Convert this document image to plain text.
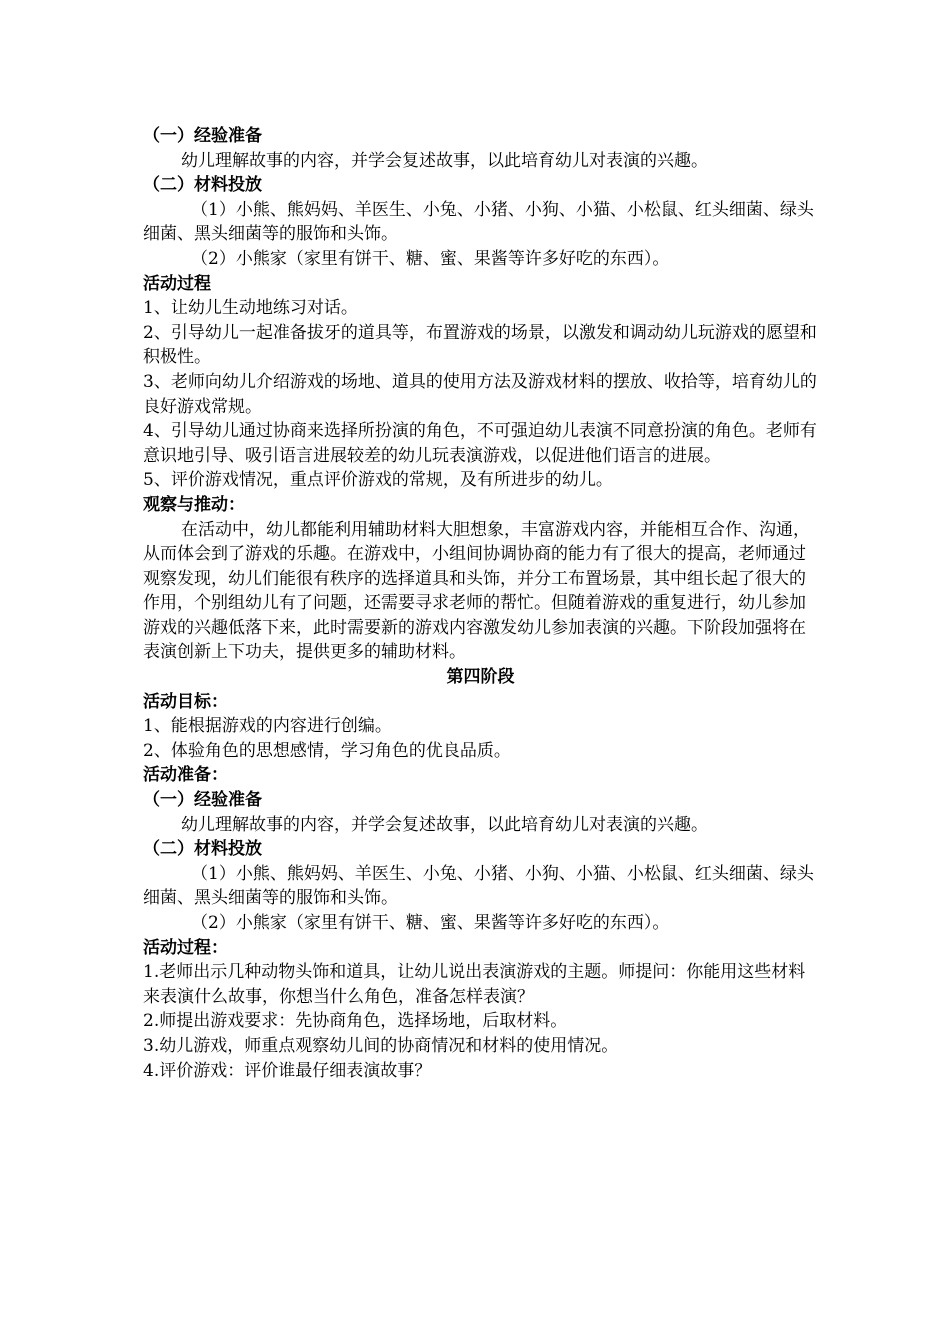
（一）经验准备

幼儿理解故事的内容，并学会复述故事，以此培育幼儿对表演的兴趣。

（二）材料投放

（1）小熊、熊妈妈、羊医生、小兔、小猪、小狗、小猫、小松鼠、红头细菌、绿头细菌、黑头细菌等的服饰和头饰。

（2）小熊家（家里有饼干、糖、蜜、果酱等许多好吃的东西）。

活动过程

1、让幼儿生动地练习对话。

2、引导幼儿一起准备拔牙的道具等，布置游戏的场景，以激发和调动幼儿玩游戏的愿望和积极性。

3、老师向幼儿介绍游戏的场地、道具的使用方法及游戏材料的摆放、收拾等，培育幼儿的良好游戏常规。

4、引导幼儿通过协商来选择所扮演的角色，不可强迫幼儿表演不同意扮演的角色。老师有意识地引导、吸引语言进展较差的幼儿玩表演游戏，以促进他们语言的进展。

5、评价游戏情况，重点评价游戏的常规，及有所进步的幼儿。

观察与推动：

在活动中，幼儿都能利用辅助材料大胆想象，丰富游戏内容，并能相互合作、沟通，从而体会到了游戏的乐趣。在游戏中，小组间协调协商的能力有了很大的提高，老师通过观察发现，幼儿们能很有秩序的选择道具和头饰，并分工布置场景，其中组长起了很大的作用，个别组幼儿有了问题，还需要寻求老师的帮忙。但随着游戏的重复进行，幼儿参加游戏的兴趣低落下来，此时需要新的游戏内容激发幼儿参加表演的兴趣。下阶段加强将在表演创新上下功夫，提供更多的辅助材料。

第四阶段

活动目标：

1、能根据游戏的内容进行创编。

2、体验角色的思想感情，学习角色的优良品质。

活动准备：

（一）经验准备

幼儿理解故事的内容，并学会复述故事，以此培育幼儿对表演的兴趣。

（二）材料投放

（1）小熊、熊妈妈、羊医生、小兔、小猪、小狗、小猫、小松鼠、红头细菌、绿头细菌、黑头细菌等的服饰和头饰。

（2）小熊家（家里有饼干、糖、蜜、果酱等许多好吃的东西）。

活动过程：

1.老师出示几种动物头饰和道具，让幼儿说出表演游戏的主题。师提问：你能用这些材料来表演什么故事，你想当什么角色，准备怎样表演？

2.师提出游戏要求：先协商角色，选择场地，后取材料。

3.幼儿游戏，师重点观察幼儿间的协商情况和材料的使用情况。

4.评价游戏：评价谁最仔细表演故事？
